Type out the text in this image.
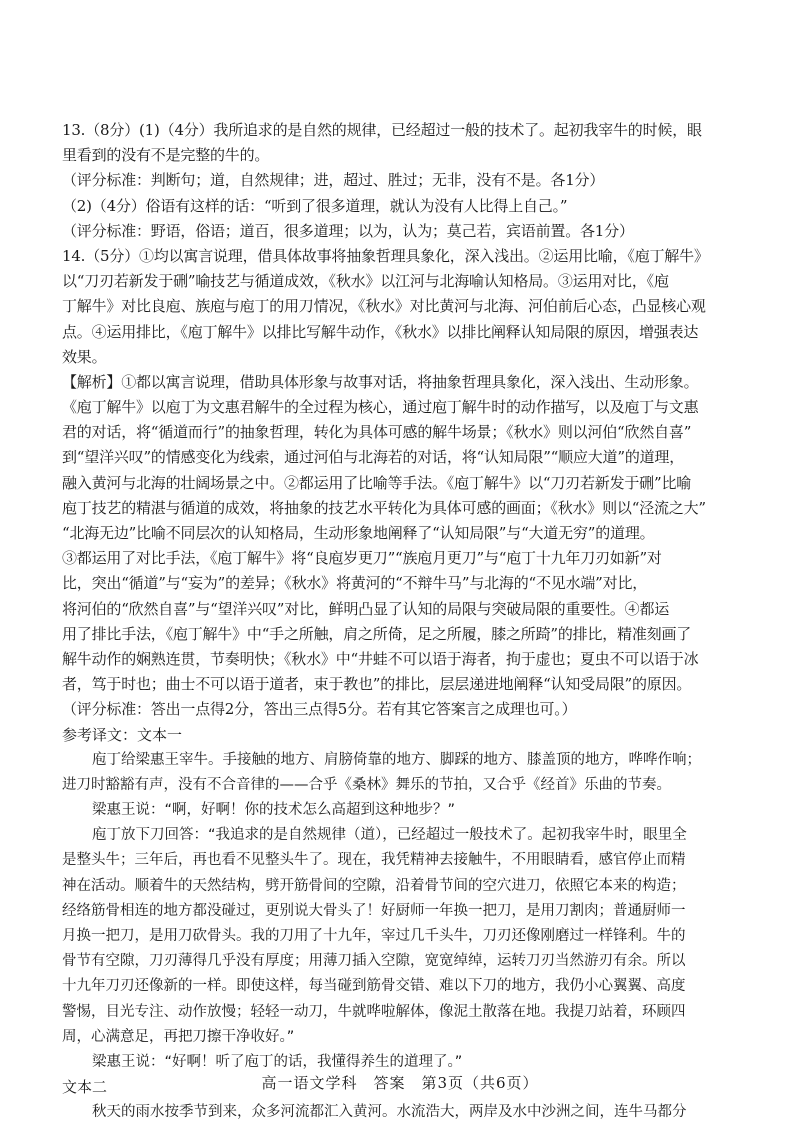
13.（8分）(1)（4分）我所追求的是自然的规律，已经超过一般的技术了。起初我宰牛的时候，眼
里看到的没有不是完整的牛的。
（评分标准：判断句；道，自然规律；进，超过、胜过；无非，没有不是。各1分）
（2)（4分）俗语有这样的话：“听到了很多道理，就认为没有人比得上自己。”
（评分标准：野语，俗语；道百，很多道理；以为，认为；莫己若，宾语前置。各1分）
14.（5分）①均以寓言说理，借具体故事将抽象哲理具象化，深入浅出。②运用比喻，《庖丁解牛》
以“刀刃若新发于硎”喻技艺与循道成效，《秋水》以江河与北海喻认知格局。③运用对比，《庖
丁解牛》对比良庖、族庖与庖丁的用刀情况，《秋水》对比黄河与北海、河伯前后心态，凸显核心观
点。④运用排比，《庖丁解牛》以排比写解牛动作，《秋水》以排比阐释认知局限的原因，增强表达
效果。
【解析】①都以寓言说理，借助具体形象与故事对话，将抽象哲理具象化，深入浅出、生动形象。
《庖丁解牛》以庖丁为文惠君解牛的全过程为核心，通过庖丁解牛时的动作描写，以及庖丁与文惠
君的对话，将“循道而行”的抽象哲理，转化为具体可感的解牛场景；《秋水》则以河伯“欣然自喜”
到“望洋兴叹”的情感变化为线索，通过河伯与北海若的对话，将“认知局限”“顺应大道”的道理，
融入黄河与北海的壮阔场景之中。②都运用了比喻等手法。《庖丁解牛》以“刀刃若新发于硎”比喻
庖丁技艺的精湛与循道的成效，将抽象的技艺水平转化为具体可感的画面；《秋水》则以“泾流之大”
“北海无边”比喻不同层次的认知格局，生动形象地阐释了“认知局限”与“大道无穷”的道理。
③都运用了对比手法，《庖丁解牛》将“良庖岁更刀”“族庖月更刀”与“庖丁十九年刀刃如新”对
比，突出“循道”与“妄为”的差异；《秋水》将黄河的“不辩牛马”与北海的“不见水端”对比，
将河伯的“欣然自喜”与“望洋兴叹”对比，鲜明凸显了认知的局限与突破局限的重要性。④都运
用了排比手法，《庖丁解牛》中“手之所触，肩之所倚，足之所履，膝之所踦”的排比，精准刻画了
解牛动作的娴熟连贯，节奏明快；《秋水》中“井蛙不可以语于海者，拘于虚也；夏虫不可以语于冰
者，笃于时也；曲士不可以语于道者，束于教也”的排比，层层递进地阐释“认知受局限”的原因。
（评分标准：答出一点得2分，答出三点得5分。若有其它答案言之成理也可。）
参考译文：文本一
庖丁给梁惠王宰牛。手接触的地方、肩膀倚靠的地方、脚踩的地方、膝盖顶的地方，哗哗作响；
进刀时豁豁有声，没有不合音律的——合乎《桑林》舞乐的节拍，又合乎《经首》乐曲的节奏。
梁惠王说：“啊，好啊！你的技术怎么高超到这种地步？”
庖丁放下刀回答：“我追求的是自然规律（道），已经超过一般技术了。起初我宰牛时，眼里全
是整头牛；三年后，再也看不见整头牛了。现在，我凭精神去接触牛，不用眼睛看，感官停止而精
神在活动。顺着牛的天然结构，劈开筋骨间的空隙，沿着骨节间的空穴进刀，依照它本来的构造；
经络筋骨相连的地方都没碰过，更别说大骨头了！好厨师一年换一把刀，是用刀割肉；普通厨师一
月换一把刀，是用刀砍骨头。我的刀用了十九年，宰过几千头牛，刀刃还像刚磨过一样锋利。牛的
骨节有空隙，刀刃薄得几乎没有厚度；用薄刀插入空隙，宽宽绰绰，运转刀刃当然游刃有余。所以
十九年刀刃还像新的一样。即使这样，每当碰到筋骨交错、难以下刀的地方，我仍小心翼翼、高度
警惕，目光专注、动作放慢；轻轻一动刀，牛就哗啦解体，像泥土散落在地。我提刀站着，环顾四
周，心满意足，再把刀擦干净收好。”
梁惠王说：“好啊！听了庖丁的话，我懂得养生的道理了。”
文本二
秋天的雨水按季节到来，众多河流都汇入黄河。水流浩大，两岸及水中沙洲之间，连牛马都分
高一语文学科　答案　第3页（共6页）
